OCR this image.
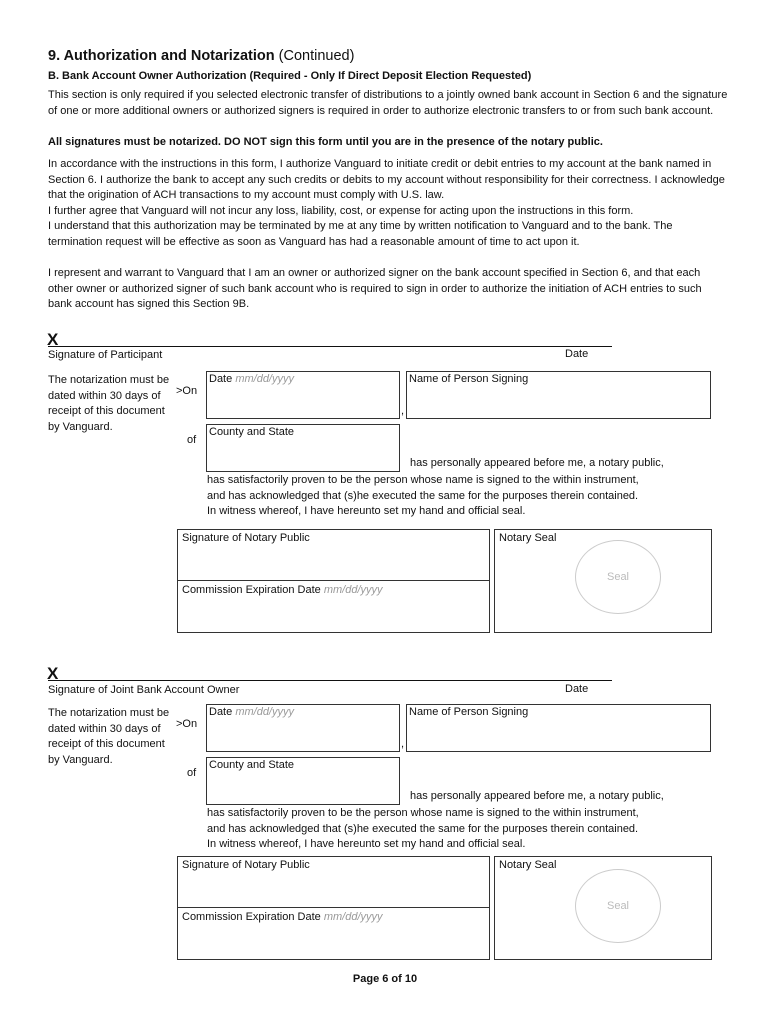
9. Authorization and Notarization (Continued)
B. Bank Account Owner Authorization (Required - Only If Direct Deposit Election Requested)
This section is only required if you selected electronic transfer of distributions to a jointly owned bank account in Section 6 and the signature of one or more additional owners or authorized signers is required in order to authorize electronic transfers to or from such bank account.
All signatures must be notarized. DO NOT sign this form until you are in the presence of the notary public.
In accordance with the instructions in this form, I authorize Vanguard to initiate credit or debit entries to my account at the bank named in Section 6. I authorize the bank to accept any such credits or debits to my account without responsibility for their correctness. I acknowledge that the origination of ACH transactions to my account must comply with U.S. law.
I further agree that Vanguard will not incur any loss, liability, cost, or expense for acting upon the instructions in this form.
I understand that this authorization may be terminated by me at any time by written notification to Vanguard and to the bank. The termination request will be effective as soon as Vanguard has had a reasonable amount of time to act upon it.
I represent and warrant to Vanguard that I am an owner or authorized signer on the bank account specified in Section 6, and that each other owner or authorized signer of such bank account who is required to sign in order to authorize the initiation of ACH entries to such bank account has signed this Section 9B.
X
Signature of Participant	Date
The notarization must be dated within 30 days of receipt of this document by Vanguard.
>On
Date mm/dd/yyyy
,
Name of Person Signing
of
County and State
has personally appeared before me, a notary public,
has satisfactorily proven to be the person whose name is signed to the within instrument,
and has acknowledged that (s)he executed the same for the purposes therein contained.
In witness whereof, I have hereunto set my hand and official seal.
Signature of Notary Public
Commission Expiration Date mm/dd/yyyy
Notary Seal
Seal
X
Signature of Joint Bank Account Owner	Date
The notarization must be dated within 30 days of receipt of this document by Vanguard.
>On
Date mm/dd/yyyy
,
Name of Person Signing
of
County and State
has personally appeared before me, a notary public,
has satisfactorily proven to be the person whose name is signed to the within instrument,
and has acknowledged that (s)he executed the same for the purposes therein contained.
In witness whereof, I have hereunto set my hand and official seal.
Signature of Notary Public
Commission Expiration Date mm/dd/yyyy
Notary Seal
Seal
Page 6 of 10
